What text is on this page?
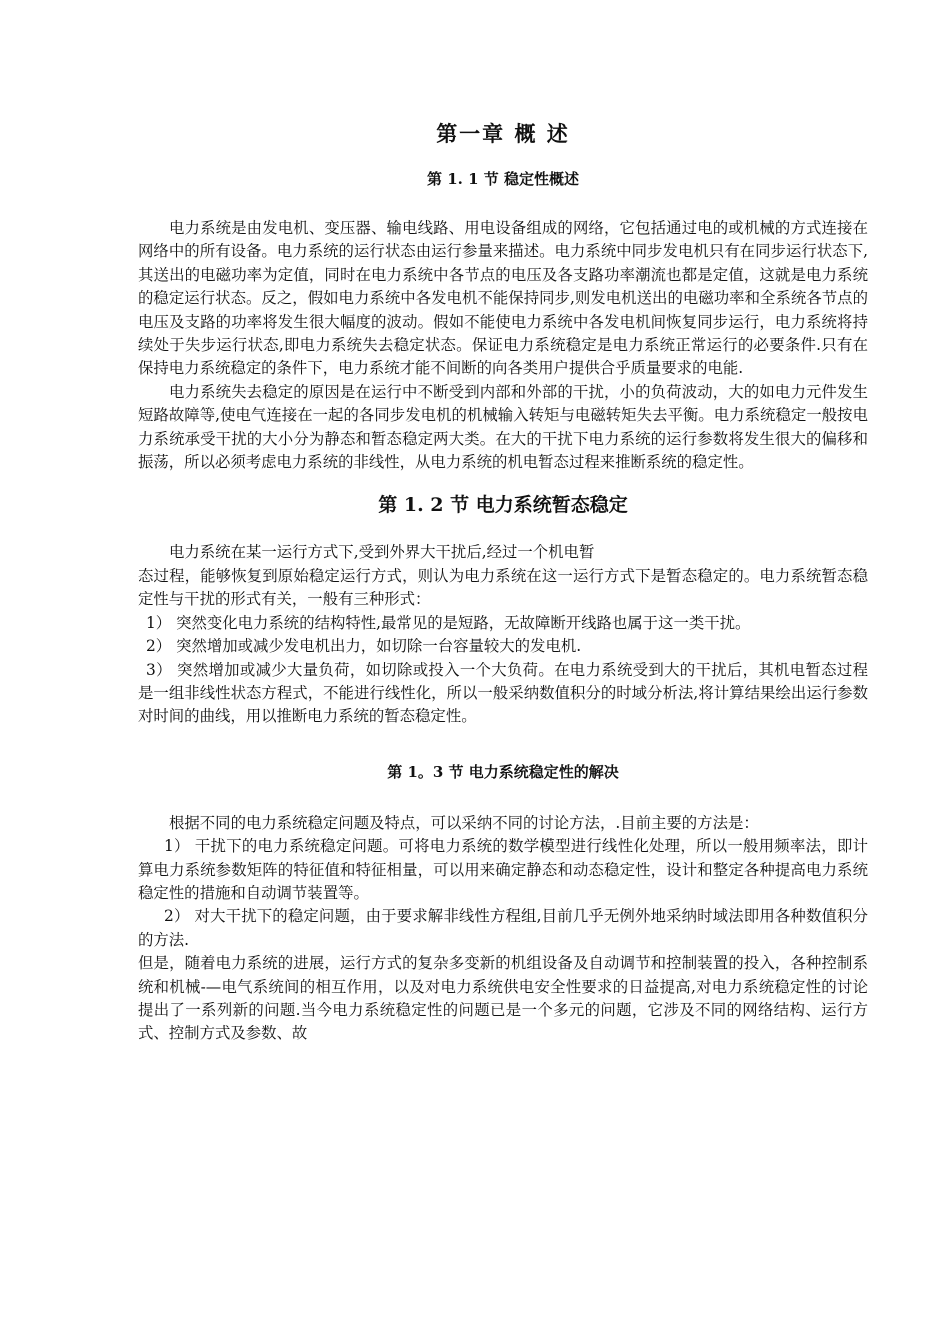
第一章 概 述
第 1. 1 节 稳定性概述

电力系统是由发电机、变压器、输电线路、用电设备组成的网络，它包括通过电的或机械的方式连接在网络中的所有设备。电力系统的运行状态由运行参量来描述。电力系统中同步发电机只有在同步运行状态下,其送出的电磁功率为定值，同时在电力系统中各节点的电压及各支路功率潮流也都是定值，这就是电力系统的稳定运行状态。反之，假如电力系统中各发电机不能保持同步,则发电机送出的电磁功率和全系统各节点的电压及支路的功率将发生很大幅度的波动。假如不能使电力系统中各发电机间恢复同步运行，电力系统将持续处于失步运行状态,即电力系统失去稳定状态。保证电力系统稳定是电力系统正常运行的必要条件.只有在保持电力系统稳定的条件下，电力系统才能不间断的向各类用户提供合乎质量要求的电能.

电力系统失去稳定的原因是在运行中不断受到内部和外部的干扰，小的负荷波动，大的如电力元件发生短路故障等,使电气连接在一起的各同步发电机的机械输入转矩与电磁转矩失去平衡。电力系统稳定一般按电力系统承受干扰的大小分为静态和暂态稳定两大类。在大的干扰下电力系统的运行参数将发生很大的偏移和振荡，所以必须考虑电力系统的非线性，从电力系统的机电暂态过程来推断系统的稳定性。

第 1. 2 节 电力系统暂态稳定

电力系统在某一运行方式下,受到外界大干扰后,经过一个机电暂

态过程，能够恢复到原始稳定运行方式，则认为电力系统在这一运行方式下是暂态稳定的。电力系统暂态稳定性与干扰的形式有关，一般有三种形式：

1） 突然变化电力系统的结构特性,最常见的是短路，无故障断开线路也属于这一类干扰。

2） 突然增加或减少发电机出力，如切除一台容量较大的发电机.

3） 突然增加或减少大量负荷，如切除或投入一个大负荷。在电力系统受到大的干扰后，其机电暂态过程是一组非线性状态方程式，不能进行线性化，所以一般采纳数值积分的时域分析法,将计算结果绘出运行参数对时间的曲线，用以推断电力系统的暂态稳定性。

第 1。3 节 电力系统稳定性的解决

根据不同的电力系统稳定问题及特点，可以采纳不同的讨论方法，.目前主要的方法是：

1） 干扰下的电力系统稳定问题。可将电力系统的数学模型进行线性化处理，所以一般用频率法，即计算电力系统参数矩阵的特征值和特征相量，可以用来确定静态和动态稳定性，设计和整定各种提高电力系统稳定性的措施和自动调节装置等。

2） 对大干扰下的稳定问题，由于要求解非线性方程组,目前几乎无例外地采纳时域法即用各种数值积分的方法.

但是，随着电力系统的进展，运行方式的复杂多变新的机组设备及自动调节和控制装置的投入，各种控制系统和机械-—电气系统间的相互作用，以及对电力系统供电安全性要求的日益提高,对电力系统稳定性的讨论提出了一系列新的问题.当今电力系统稳定性的问题已是一个多元的问题，它涉及不同的网络结构、运行方式、控制方式及参数、故
